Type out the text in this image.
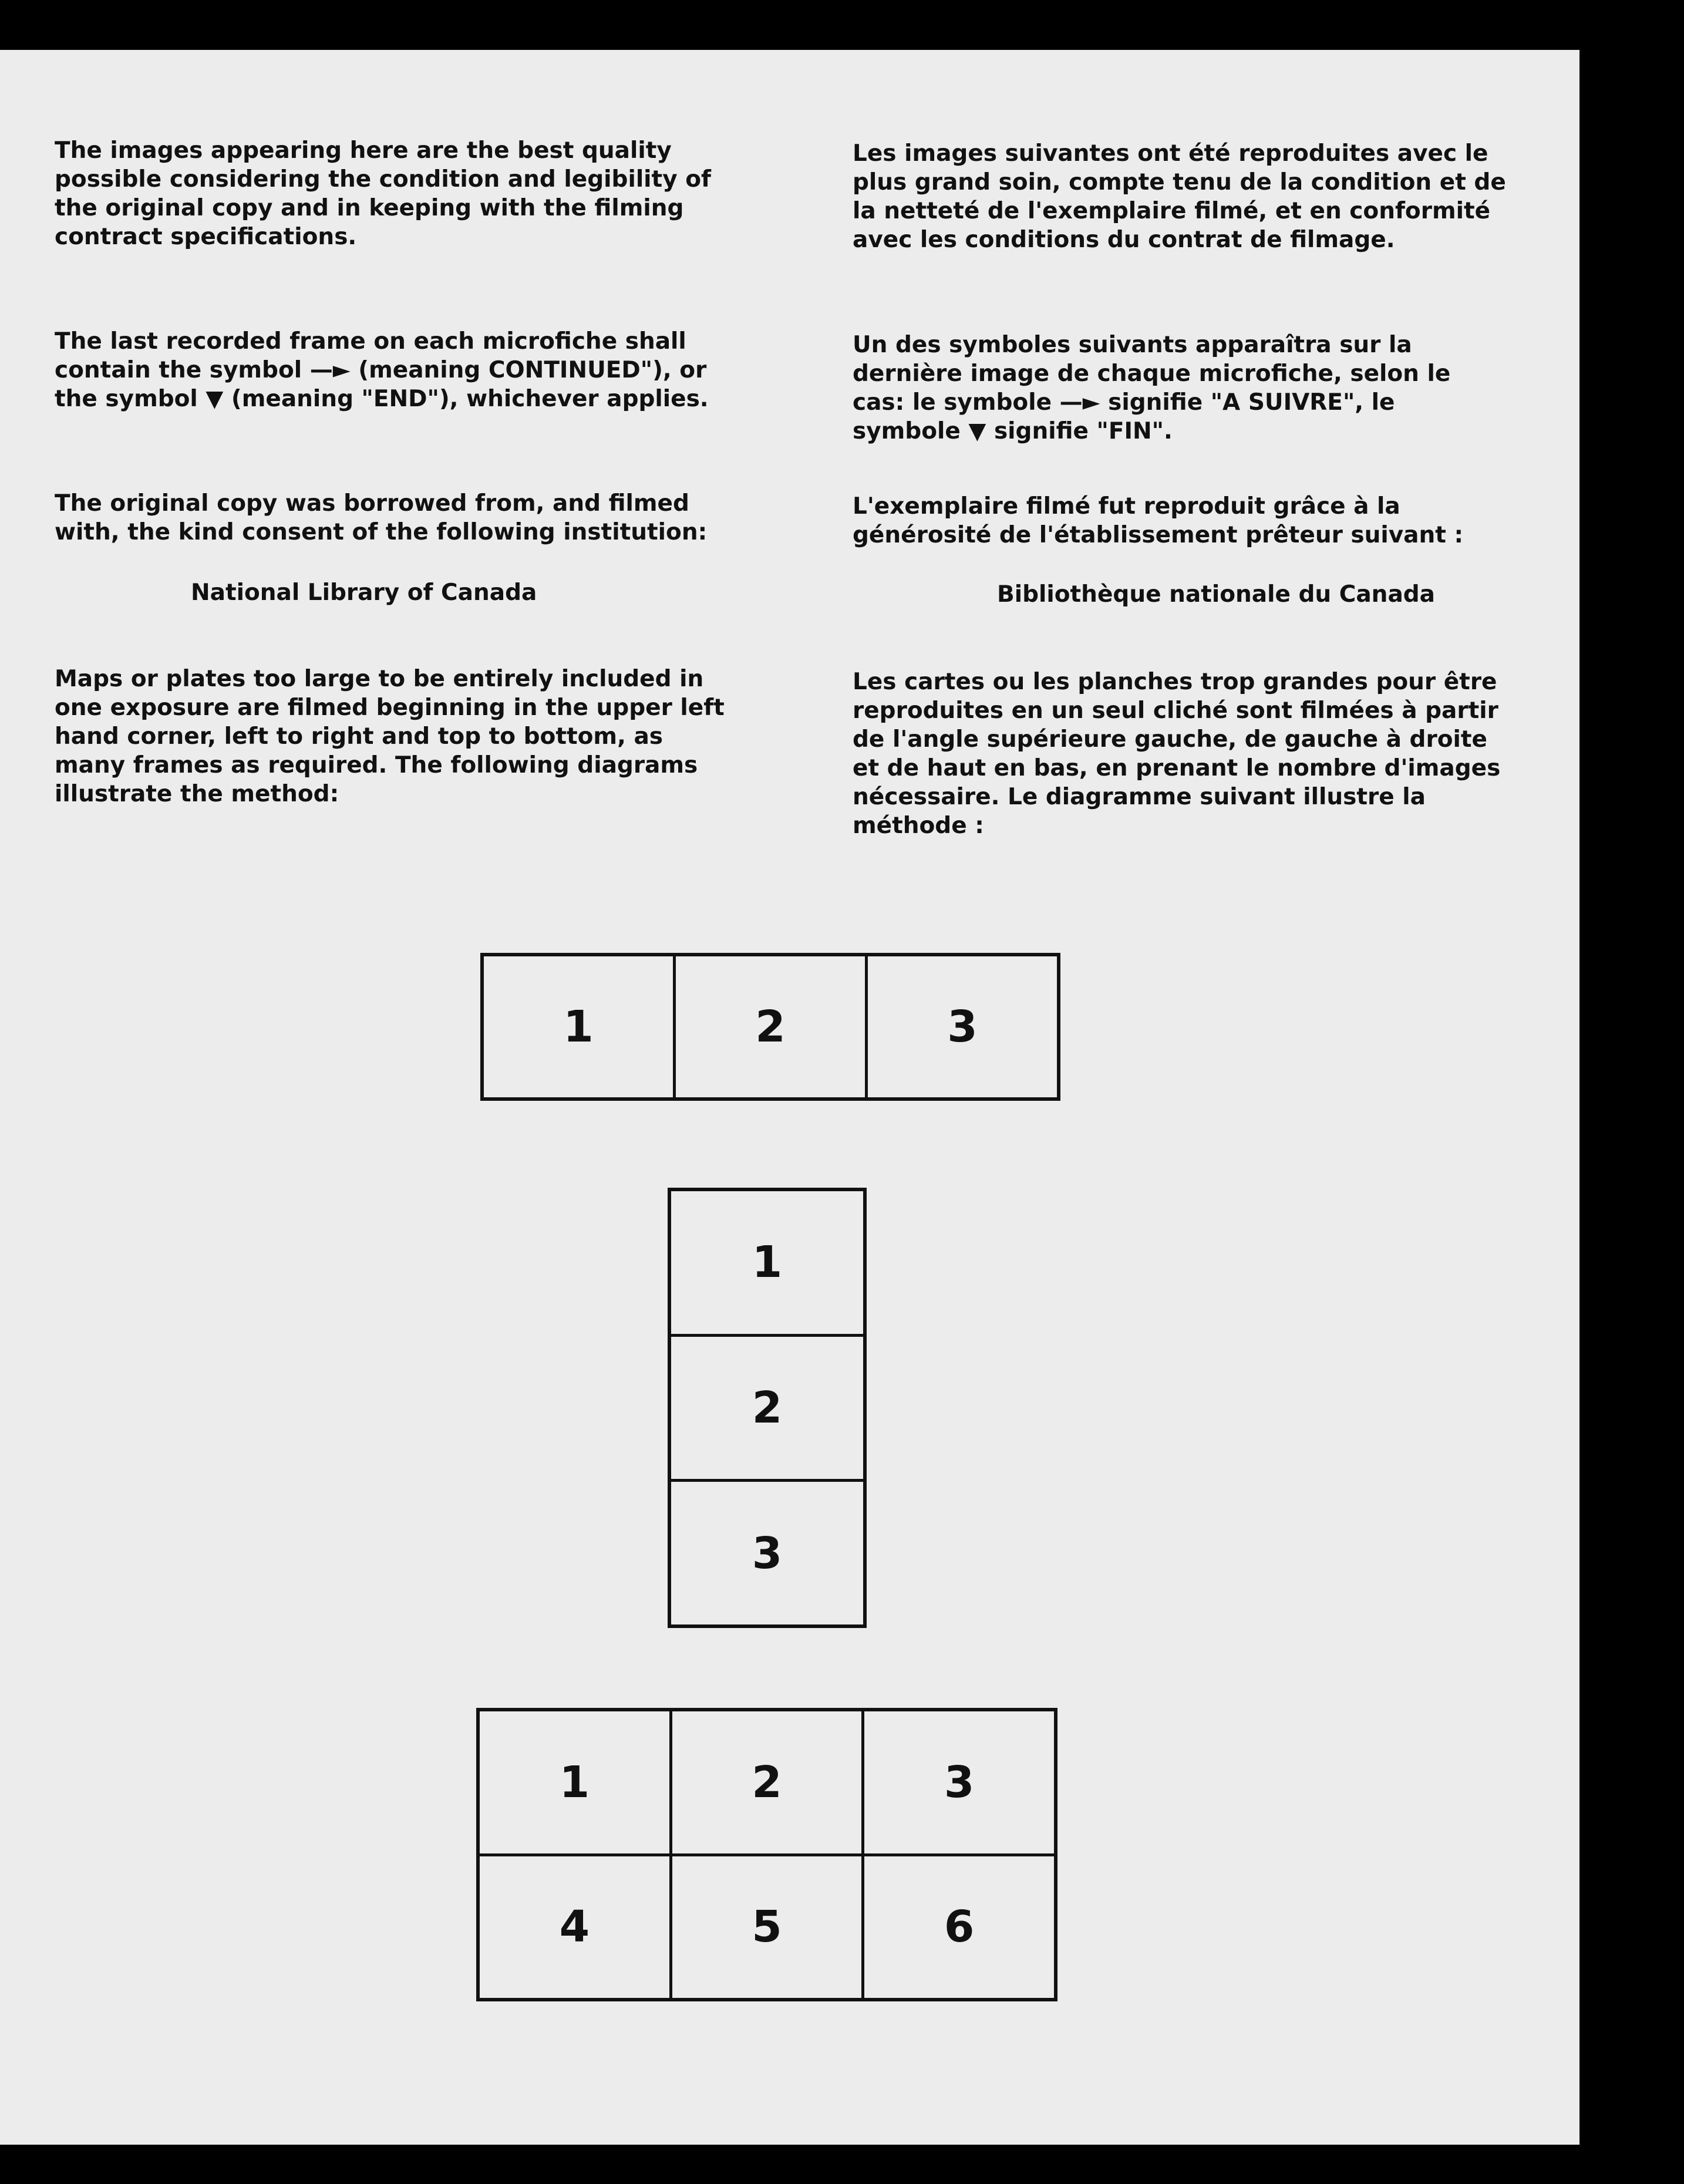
The images appearing here are the best quality possible considering the condition and legibility of the original copy and in keeping with the filming contract specifications.

The last recorded frame on each microfiche shall contain the symbol —► (meaning CONTINUED"), or the symbol ▼ (meaning "END"), whichever applies.

The original copy was borrowed from, and filmed with, the kind consent of the following institution:

National Library of Canada

Maps or plates too large to be entirely included in one exposure are filmed beginning in the upper left hand corner, left to right and top to bottom, as many frames as required. The following diagrams illustrate the method:

Les images suivantes ont été reproduites avec le plus grand soin, compte tenu de la condition et de la netteté de l'exemplaire filmé, et en conformité avec les conditions du contrat de filmage.

Un des symboles suivants apparaîtra sur la dernière image de chaque microfiche, selon le cas: le symbole —► signifie "A SUIVRE", le symbole ▼ signifie "FIN".

L'exemplaire filmé fut reproduit grâce à la générosité de l'établissement prêteur suivant :

Bibliothèque nationale du Canada

Les cartes ou les planches trop grandes pour être reproduites en un seul cliché sont filmées à partir de l'angle supérieure gauche, de gauche à droite et de haut en bas, en prenant le nombre d'images nécessaire. Le diagramme suivant illustre la méthode :

1	2	3
1
2
3
1	2	3
4	5	6
